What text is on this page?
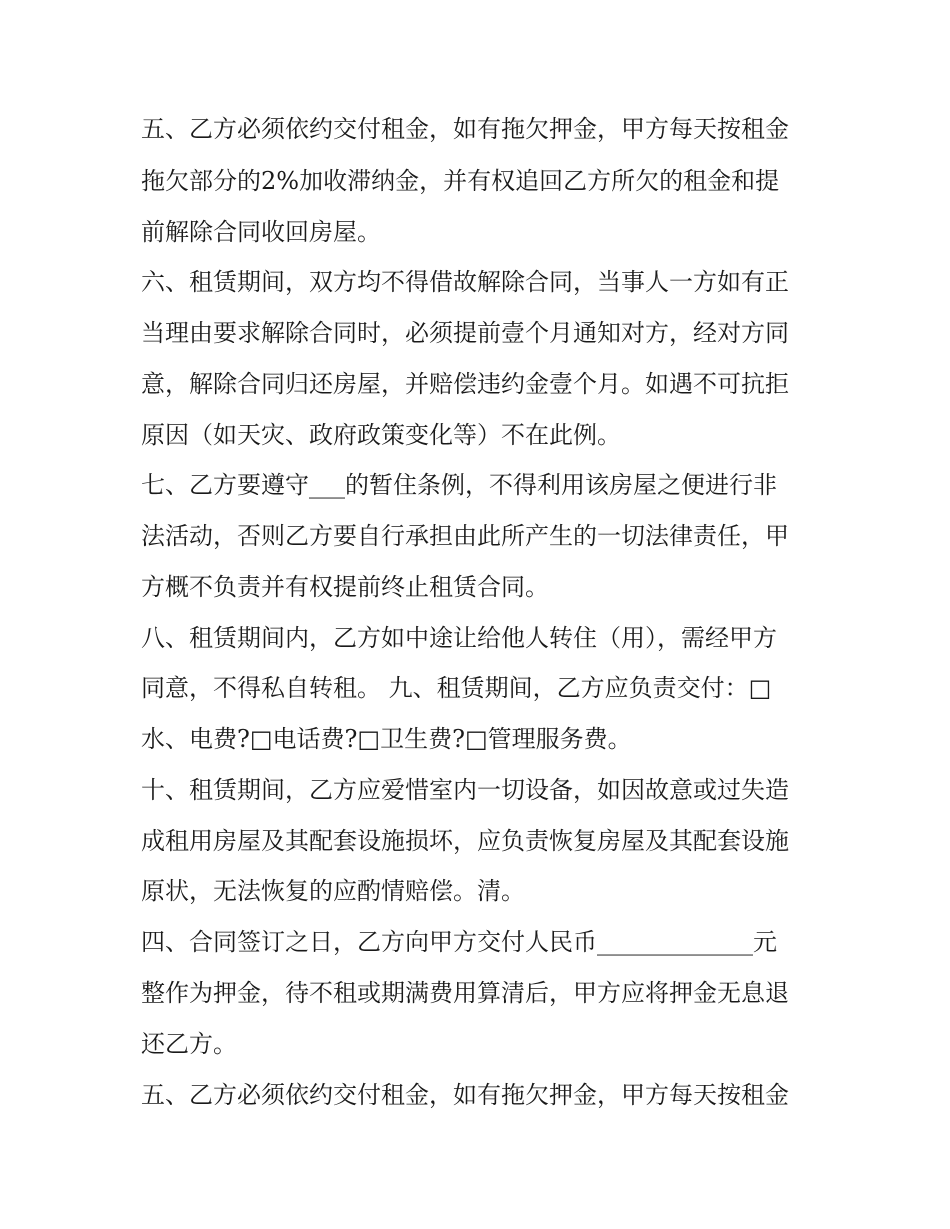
五、乙方必须依约交付租金，如有拖欠押金，甲方每天按租金
拖欠部分的2%加收滞纳金，并有权追回乙方所欠的租金和提
前解除合同收回房屋。
六、租赁期间，双方均不得借故解除合同，当事人一方如有正
当理由要求解除合同时，必须提前壹个月通知对方，经对方同
意，解除合同归还房屋，并赔偿违约金壹个月。如遇不可抗拒
原因（如天灾、政府政策变化等）不在此例。
七、乙方要遵守___的暂住条例，不得利用该房屋之便进行非
法活动，否则乙方要自行承担由此所产生的一切法律责任，甲
方概不负责并有权提前终止租赁合同。
八、租赁期间内，乙方如中途让给他人转住（用），需经甲方
同意，不得私自转租。 九、租赁期间，乙方应负责交付：□
水、电费?□电话费?□卫生费?□管理服务费。
十、租赁期间，乙方应爱惜室内一切设备，如因故意或过失造
成租用房屋及其配套设施损坏，应负责恢复房屋及其配套设施
原状，无法恢复的应酌情赔偿。清。
四、合同签订之日，乙方向甲方交付人民币_____________元
整作为押金，待不租或期满费用算清后，甲方应将押金无息退
还乙方。
五、乙方必须依约交付租金，如有拖欠押金，甲方每天按租金
